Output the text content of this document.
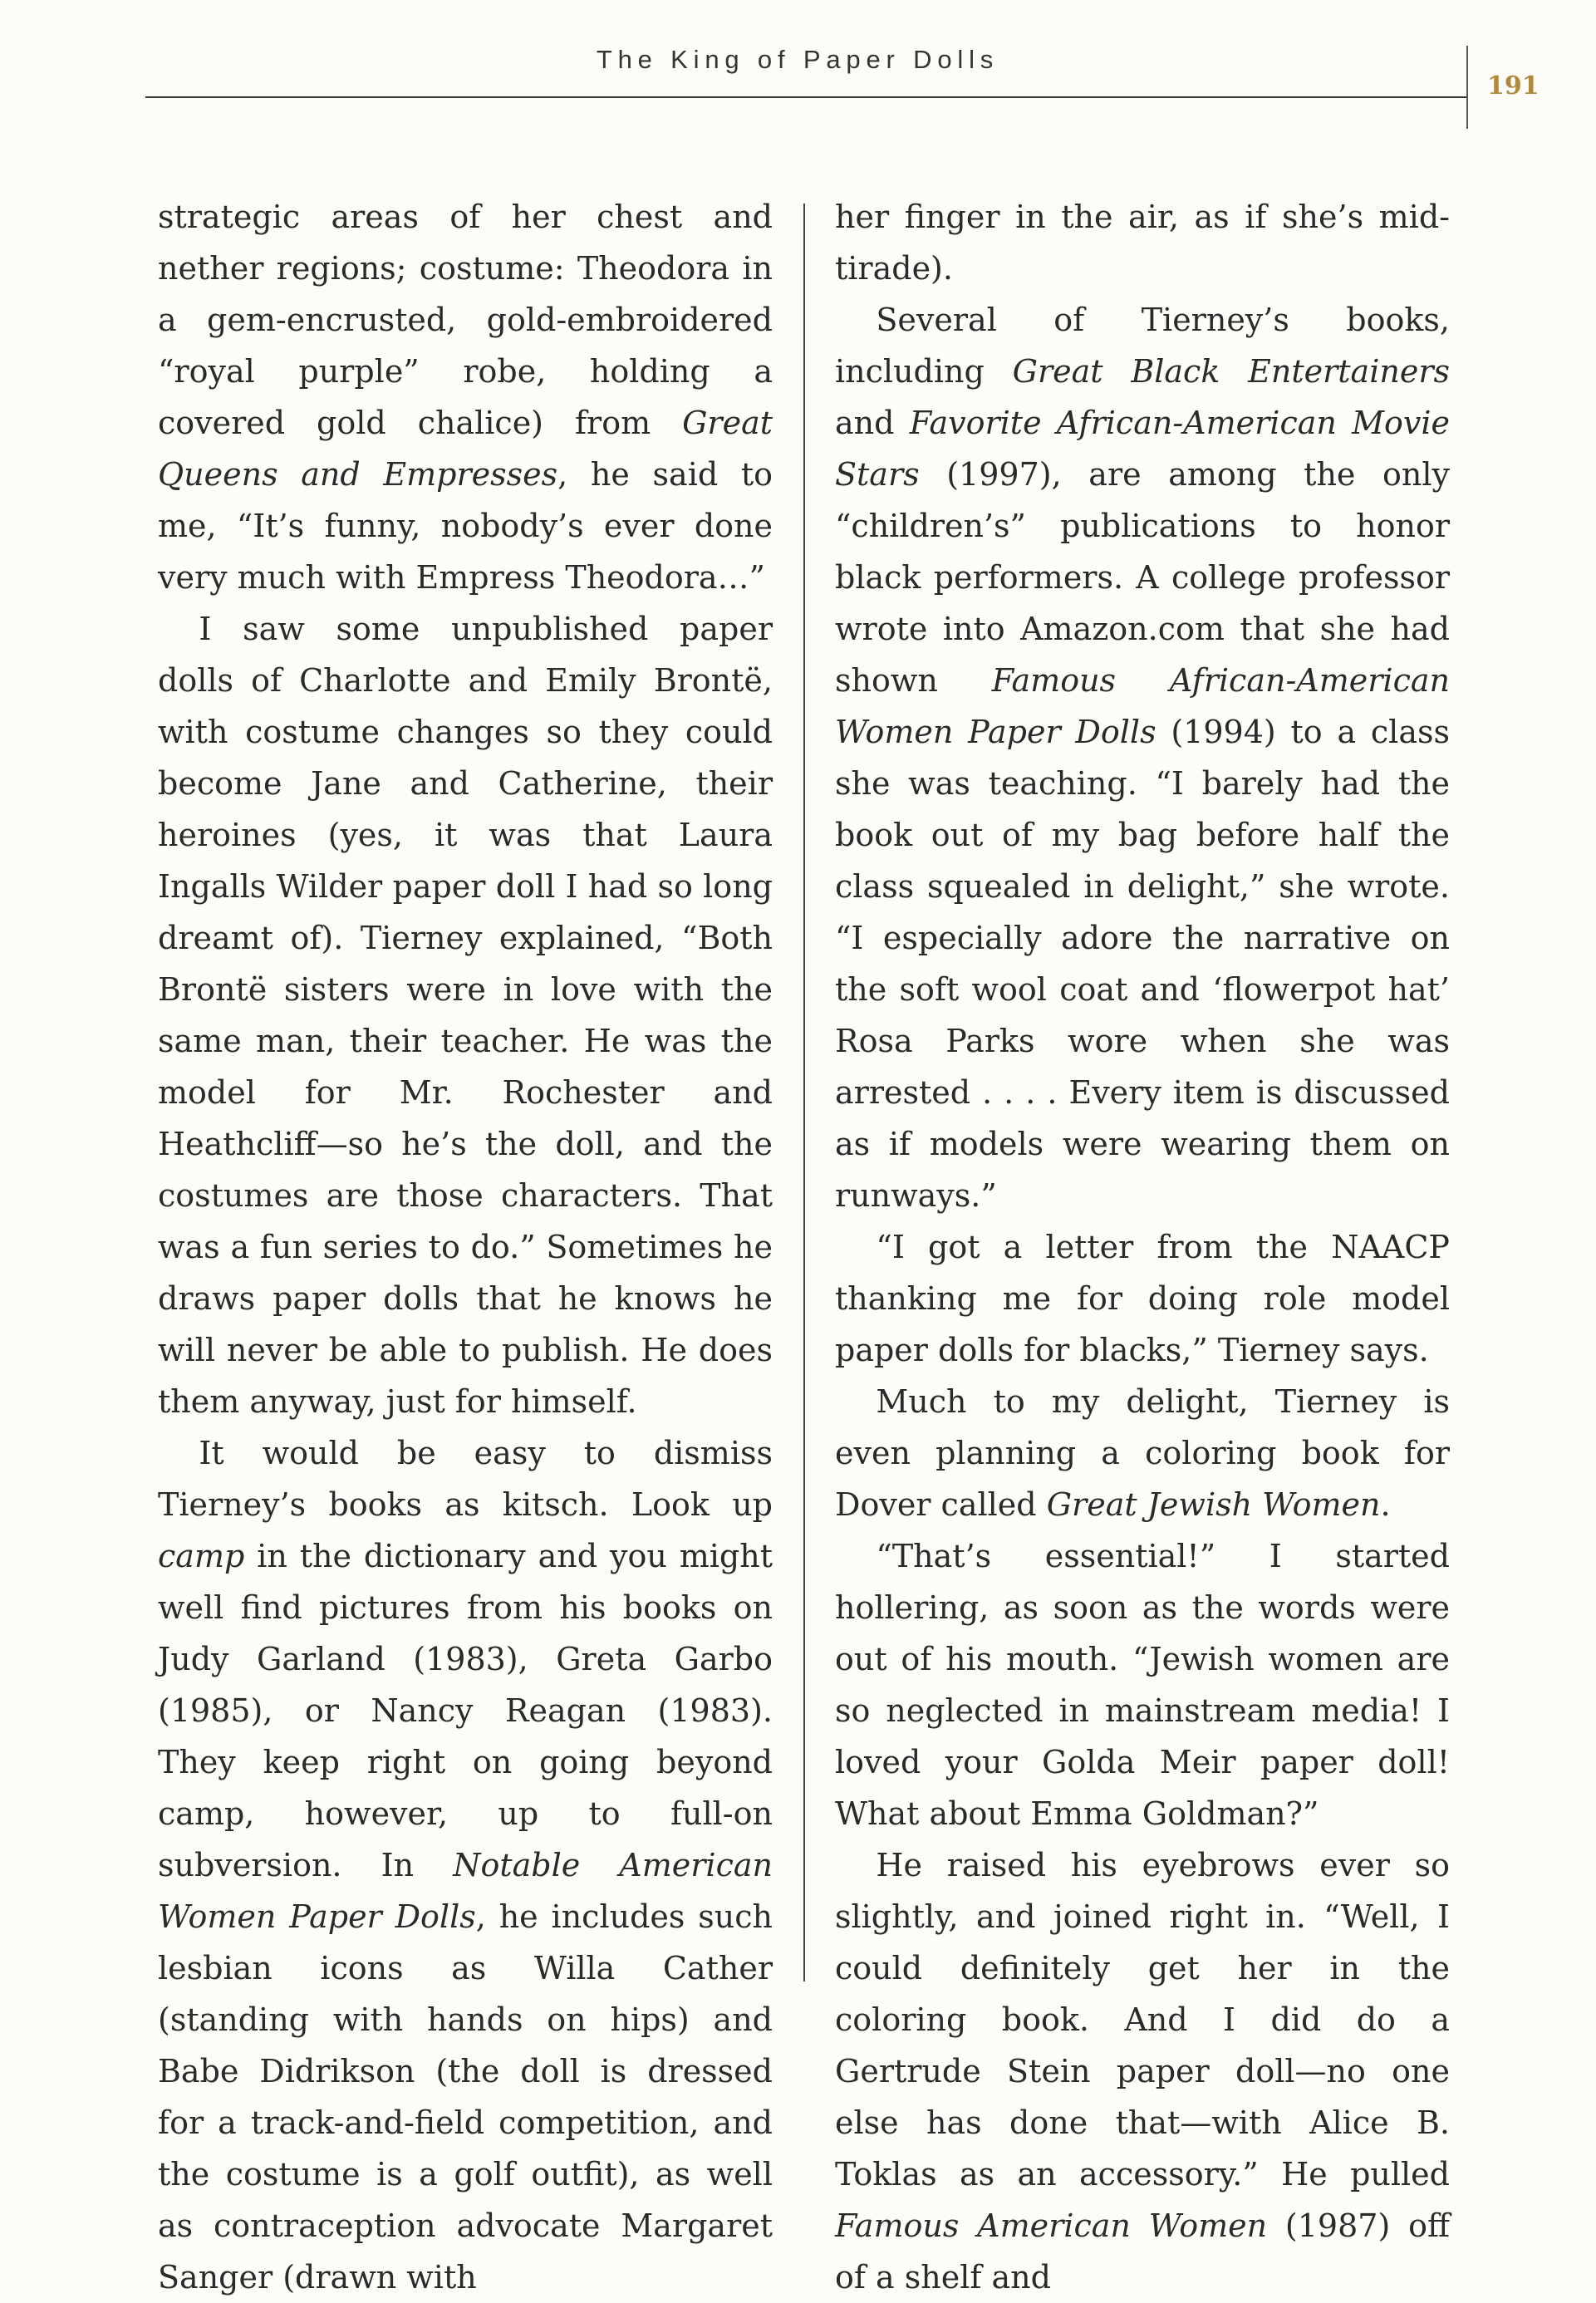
The King of Paper Dolls
191

strategic areas of her chest and nether regions; costume: Theodora in a gem-encrusted, gold-embroidered “royal purple” robe, holding a covered gold chalice) from Great Queens and Empresses, he said to me, “It’s funny, nobody’s ever done very much with Empress Theodora…”

I saw some unpublished paper dolls of Charlotte and Emily Brontë, with costume changes so they could become Jane and Catherine, their heroines (yes, it was that Laura Ingalls Wilder paper doll I had so long dreamt of). Tierney explained, “Both Brontë sisters were in love with the same man, their teacher. He was the model for Mr. Rochester and Heathcliff—so he’s the doll, and the costumes are those characters. That was a fun series to do.” Sometimes he draws paper dolls that he knows he will never be able to publish. He does them anyway, just for himself.

It would be easy to dismiss Tierney’s books as kitsch. Look up camp in the dictionary and you might well find pictures from his books on Judy Garland (1983), Greta Garbo (1985), or Nancy Reagan (1983). They keep right on going beyond camp, however, up to full-on subversion. In Notable American Women Paper Dolls, he includes such lesbian icons as Willa Cather (standing with hands on hips) and Babe Didrikson (the doll is dressed for a track-and-field competition, and the costume is a golf outfit), as well as contraception advocate Margaret Sanger (drawn with

her finger in the air, as if she’s mid-tirade).

Several of Tierney’s books, including Great Black Entertainers and Favorite African-American Movie Stars (1997), are among the only “children’s” publications to honor black performers. A college professor wrote into Amazon.com that she had shown Famous African-American Women Paper Dolls (1994) to a class she was teaching. “I barely had the book out of my bag before half the class squealed in delight,” she wrote. “I especially adore the narrative on the soft wool coat and ‘flowerpot hat’ Rosa Parks wore when she was arrested . . . . Every item is discussed as if models were wearing them on runways.”

“I got a letter from the NAACP thanking me for doing role model paper dolls for blacks,” Tierney says.

Much to my delight, Tierney is even planning a coloring book for Dover called Great Jewish Women.

“That’s essential!” I started hollering, as soon as the words were out of his mouth. “Jewish women are so neglected in mainstream media! I loved your Golda Meir paper doll! What about Emma Goldman?”

He raised his eyebrows ever so slightly, and joined right in. “Well, I could definitely get her in the coloring book. And I did do a Gertrude Stein paper doll—no one else has done that—with Alice B. Toklas as an accessory.” He pulled Famous American Women (1987) off of a shelf and
